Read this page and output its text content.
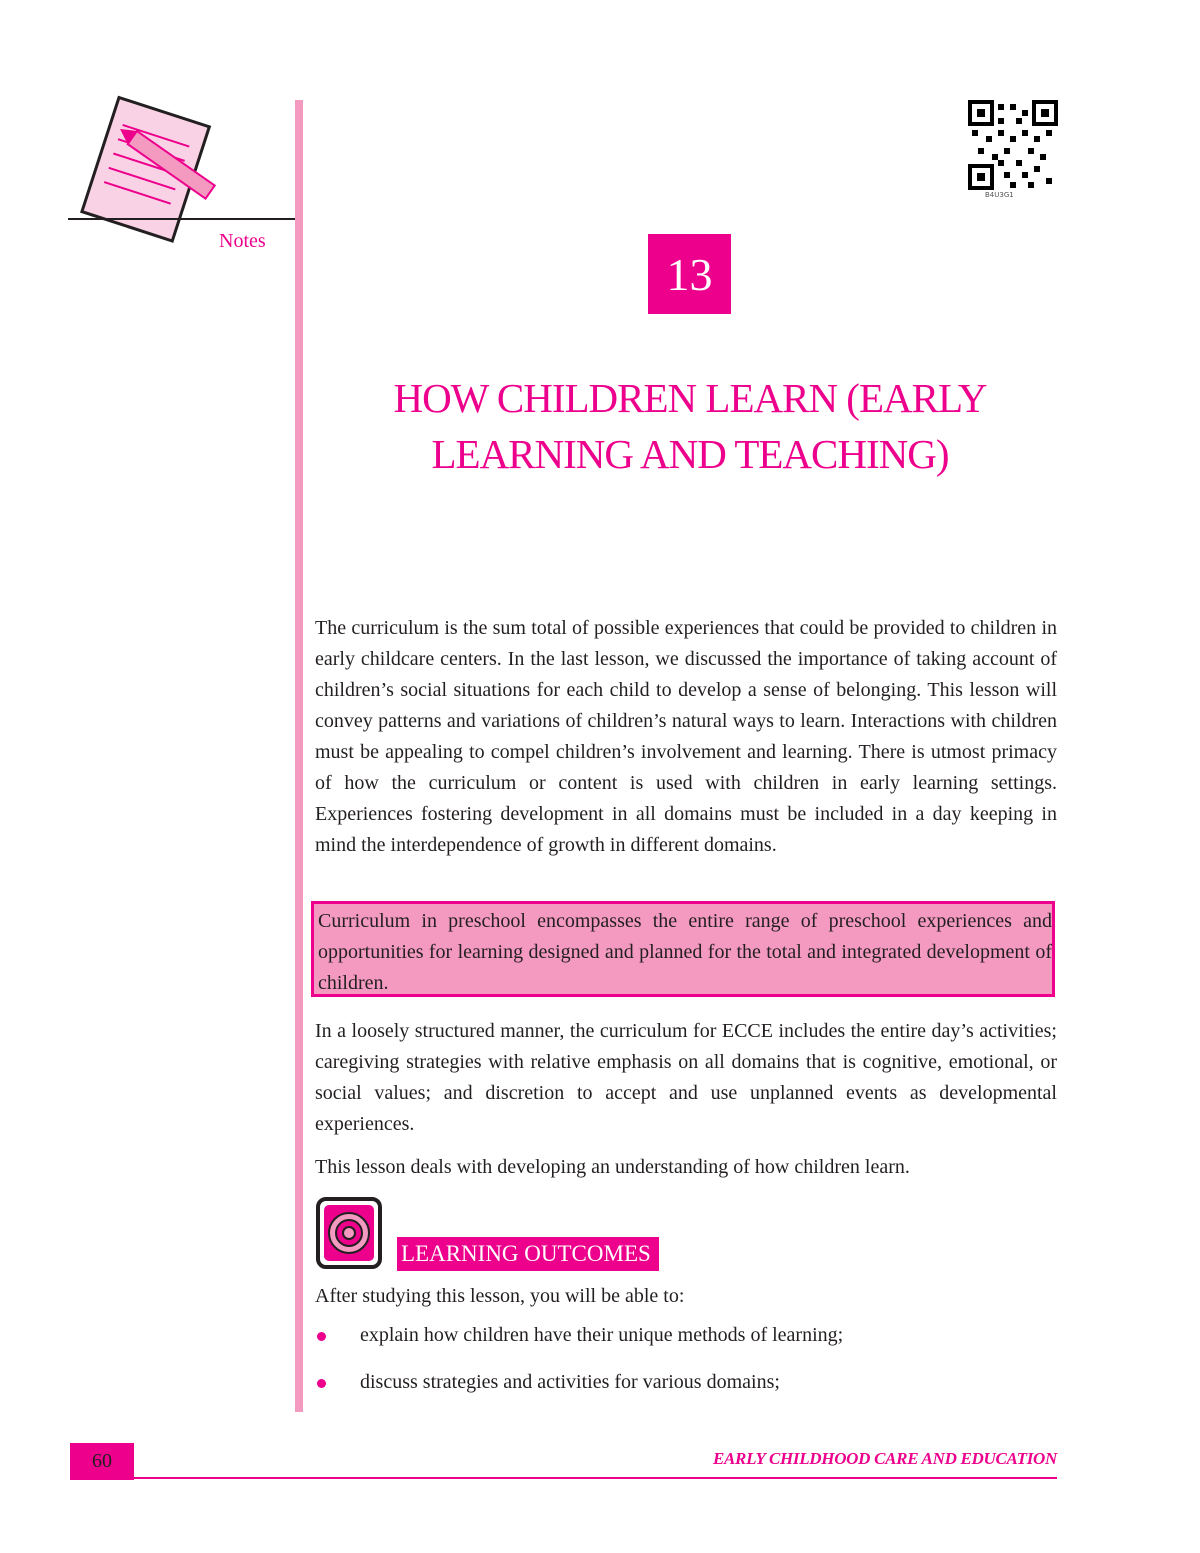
Notes
B4U3G1
13
HOW CHILDREN LEARN (EARLY
LEARNING AND TEACHING)

The curriculum is the sum total of possible experiences that could be provided to children in early childcare centers. In the last lesson, we discussed the importance of taking account of children’s social situations for each child to develop a sense of belonging. This lesson will convey patterns and variations of children’s natural ways to learn. Interactions with children must be appealing to compel children’s involvement and learning. There is utmost primacy of how the curriculum or content is used with children in early learning settings. Experiences fostering development in all domains must be included in a day keeping in mind the interdependence of growth in different domains.

Curriculum in preschool encompasses the entire range of preschool experiences and opportunities for learning designed and planned for the total and integrated development of children.

In a loosely structured manner, the curriculum for ECCE includes the entire day’s activities; caregiving strategies with relative emphasis on all domains that is cognitive, emotional, or social values; and discretion to accept and use unplanned events as developmental experiences.

This lesson deals with developing an understanding of how children learn.

LEARNING OUTCOMES
After studying this lesson, you will be able to:
explain how children have their unique methods of learning;
discuss strategies and activities for various domains;
60	EARLY CHILDHOOD CARE AND EDUCATION
